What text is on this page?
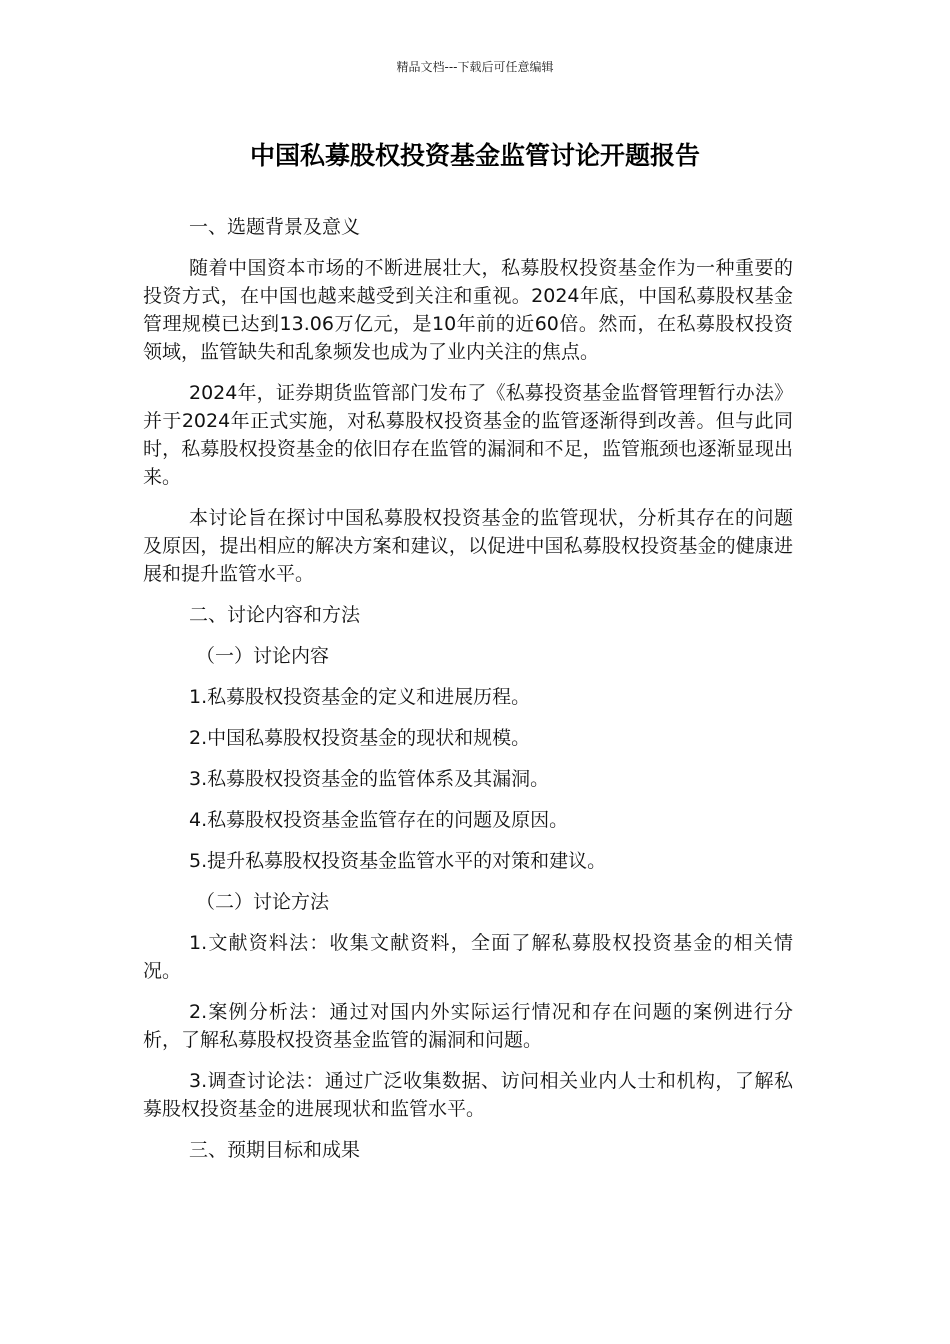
精品文档---下载后可任意编辑
中国私募股权投资基金监管讨论开题报告

一、选题背景及意义

随着中国资本市场的不断进展壮大，私募股权投资基金作为一种重要的投资方式，在中国也越来越受到关注和重视。2024年底，中国私募股权基金管理规模已达到13.06万亿元，是10年前的近60倍。然而，在私募股权投资领域，监管缺失和乱象频发也成为了业内关注的焦点。

2024年，证券期货监管部门发布了《私募投资基金监督管理暂行办法》并于2024年正式实施，对私募股权投资基金的监管逐渐得到改善。但与此同时，私募股权投资基金的依旧存在监管的漏洞和不足，监管瓶颈也逐渐显现出来。

本讨论旨在探讨中国私募股权投资基金的监管现状，分析其存在的问题及原因，提出相应的解决方案和建议，以促进中国私募股权投资基金的健康进展和提升监管水平。

二、讨论内容和方法

（一）讨论内容

1.私募股权投资基金的定义和进展历程。

2.中国私募股权投资基金的现状和规模。

3.私募股权投资基金的监管体系及其漏洞。

4.私募股权投资基金监管存在的问题及原因。

5.提升私募股权投资基金监管水平的对策和建议。

（二）讨论方法

1.文献资料法：收集文献资料，全面了解私募股权投资基金的相关情况。

2.案例分析法：通过对国内外实际运行情况和存在问题的案例进行分析，了解私募股权投资基金监管的漏洞和问题。

3.调查讨论法：通过广泛收集数据、访问相关业内人士和机构，了解私募股权投资基金的进展现状和监管水平。

三、预期目标和成果
